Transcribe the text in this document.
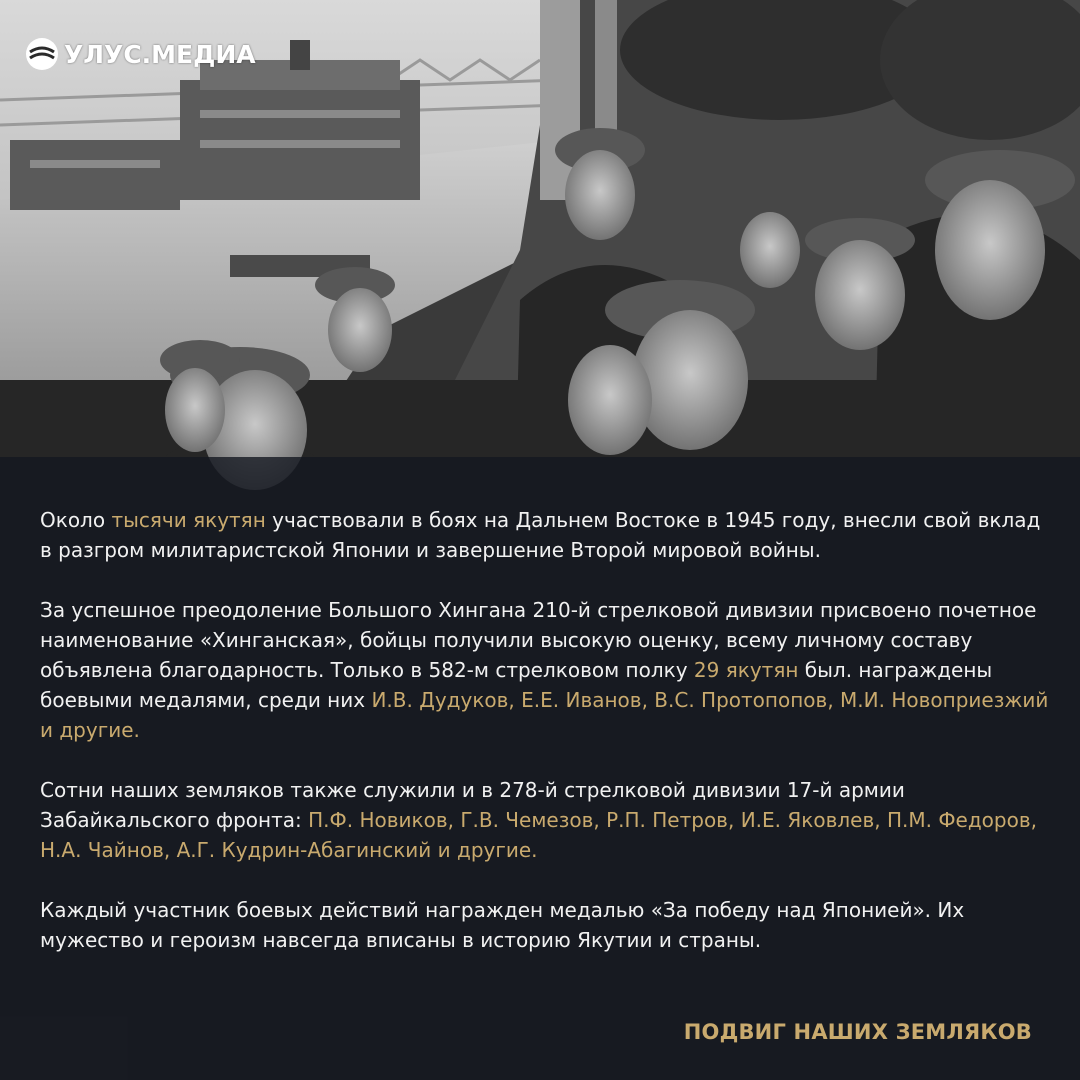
УЛУС.МЕДИА

Около тысячи якутян участвовали в боях на Дальнем Востоке в 1945 году, внесли свой вклад в разгром милитаристской Японии и завершение Второй мировой войны.

За успешное преодоление Большого Хингана 210-й стрелковой дивизии присвоено почетное наименование «Хинганская», бойцы получили высокую оценку, всему личному составу объявлена благодарность. Только в 582-м стрелковом полку 29 якутян был. награждены боевыми медалями, среди них И.В. Дудуков, Е.Е. Иванов, В.С. Протопопов, М.И. Новоприезжий и другие.

Сотни наших земляков также служили и в 278-й стрелковой дивизии 17-й армии Забайкальского фронта: П.Ф. Новиков, Г.В. Чемезов, Р.П. Петров, И.Е. Яковлев, П.М. Федоров, Н.А. Чайнов, А.Г. Кудрин-Абагинский и другие.

Каждый участник боевых действий награжден медалью «За победу над Японией». Их мужество и героизм навсегда вписаны в историю Якутии и страны.

ПОДВИГ НАШИХ ЗЕМЛЯКОВ
